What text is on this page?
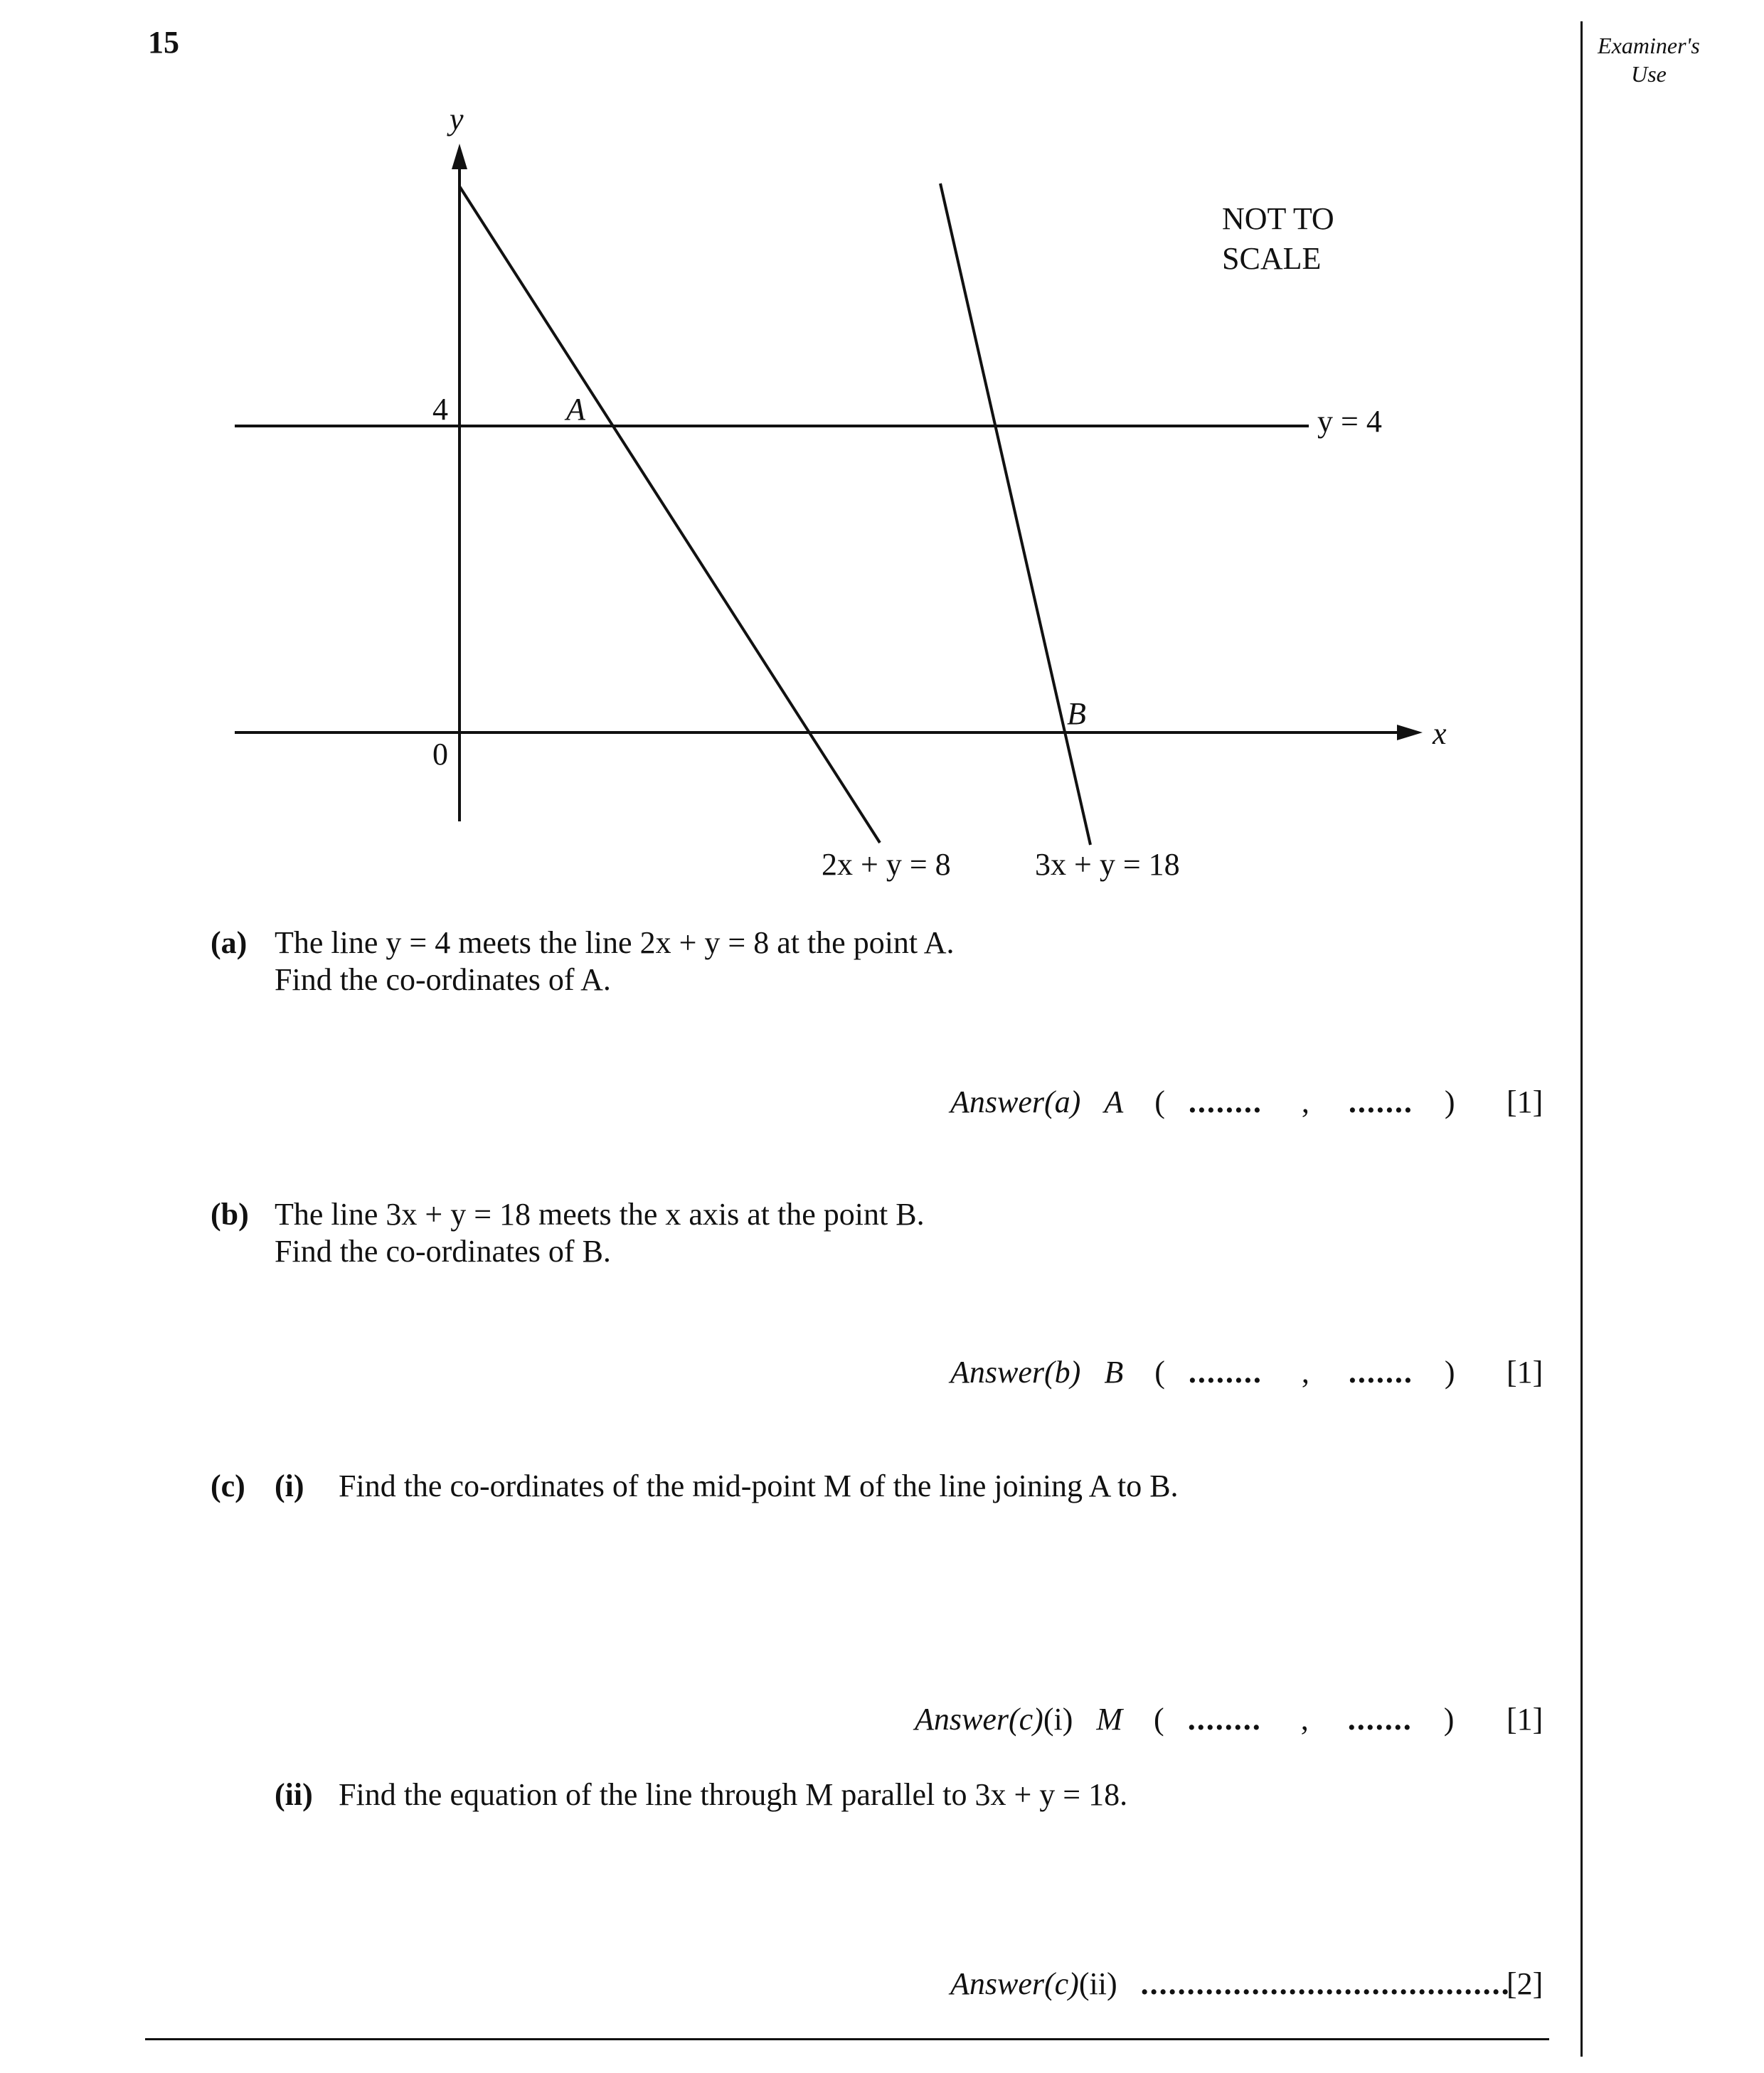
15	Examiner's
Use
y
x
4
0
A
B
NOT TO
SCALE
y = 4
2x + y = 8	3x + y = 18
(a) The line y = 4 meets the line 2x + y = 8 at the point A.
Find the co-ordinates of A.
Answer(a) A ( ........ , ....... ) [1]
(b) The line 3x + y = 18 meets the x axis at the point B.
Find the co-ordinates of B.
Answer(b) B ( ........ , ....... ) [1]
(c) (i) Find the co-ordinates of the mid-point M of the line joining A to B.
Answer(c)(i) M ( ........ , ....... ) [1]
(ii) Find the equation of the line through M parallel to 3x + y = 18.
Answer(c)(ii) ........................................
[2]
